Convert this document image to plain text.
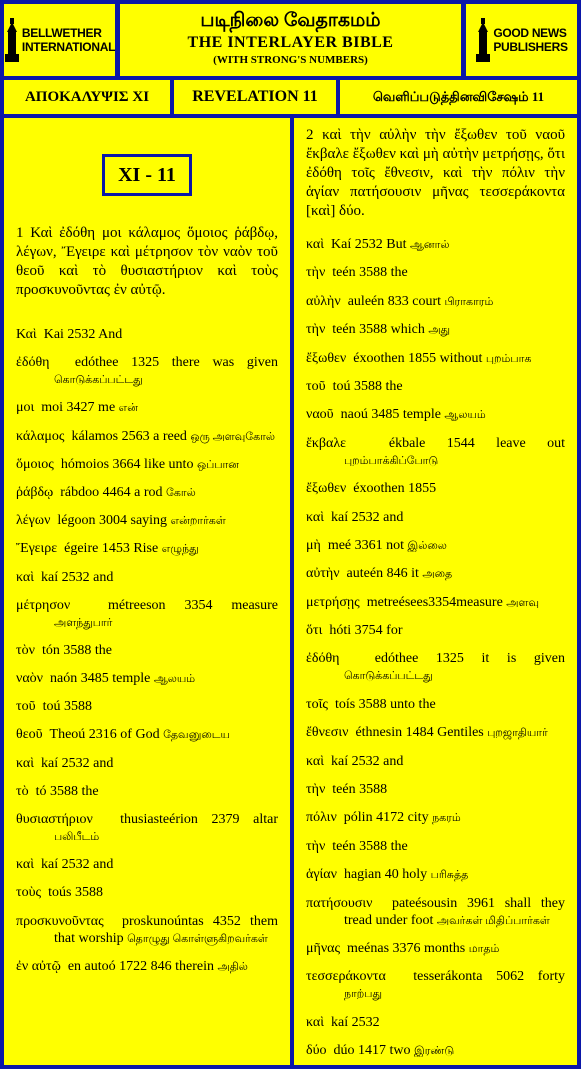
BELLWETHER
INTERNATIONAL
படிநிலை வேதாகமம்
THE INTERLAYER BIBLE
(WITH STRONG'S NUMBERS)
GOOD NEWS
PUBLISHERS
ΑΠΟΚΑΛΥΨΙΣ XI	REVELATION 11	வெளிப்படுத்தினவிசேஷம் 11
XI - 11

1 Καὶ ἐδόθη μοι κάλαμος ὅμοιος ῥάβδῳ, λέγων, Ἔγειρε καὶ μέτρησον τὸν ναὸν τοῦ θεοῦ καὶ τὸ θυσιαστήριον καὶ τοὺς προσκυνοῦντας ἐν αὐτῷ.

Καὶ Kai 2532 And
ἐδόθη edóthee 1325 there was given கொடுக்கப்பட்டது
μοι moi 3427 me என்
κάλαμος kálamos 2563 a reed ஒரு அளவுகோல்
ὅμοιος hómoios 3664 like unto ஒப்பான
ῥάβδῳ rábdoo 4464 a rod கோல்
λέγων légoon 3004 saying என்றார்கள்
Ἔγειρε égeire 1453 Rise எழுந்து
καὶ kaí 2532 and
μέτρησον	métreeson 3354 measure அளந்துபார்
τὸν tón 3588 the
ναὸν naón 3485 temple ஆலயம்
τοῦ toú 3588
θεοῦ Theoú 2316 of God தேவனுடைய
καὶ kaí 2532 and
τὸ tó 3588 the
θυσιαστήριον thusiasteérion 2379 altar பலிபீடம்
καὶ kaí 2532 and
τοὺς toús 3588
προσκυνοῦντας proskunoúntas 4352 them that worship தொழுது கொள்ளுகிறவர்கள்
ἐν αὐτῷ en autoó 1722 846 therein அதில்

2 καὶ τὴν αὐλὴν τὴν ἔξωθεν τοῦ ναοῦ ἔκβαλε ἔξωθεν καὶ μὴ αὐτὴν μετρήσῃς, ὅτι ἐδόθη τοῖς ἔθνεσιν, καὶ τὴν πόλιν τὴν ἁγίαν πατήσουσιν μῆνας τεσσεράκοντα [καὶ] δύο.

καὶ Kaí 2532 But ஆனால்
τὴν teén 3588 the
αὐλὴν auleén 833 court பிராகாரம்
τὴν teén 3588 which அது
ἔξωθεν éxoothen 1855 without புறம்பாக
τοῦ toú 3588 the
ναοῦ naoú 3485 temple ஆலயம்
ἔκβαλε	ékbale 1544 leave out புறம்பாக்கிப்போடு
ἔξωθεν éxoothen 1855
καὶ kaí 2532 and
μὴ meé 3361 not இல்லை
αὐτὴν auteén 846 it அதை
μετρήσῃς metreésees3354measure அளவு
ὅτι hóti 3754 for
ἐδόθη	edóthee 1325 it is given கொடுக்கப்பட்டது
τοῖς toís 3588 unto the
ἔθνεσιν éthnesin 1484 Gentiles புறஜாதியார்
καὶ kaí 2532 and
τὴν teén 3588
πόλιν pólin 4172 city நகரம்
τὴν teén 3588 the
ἁγίαν hagian 40 holy பரிசுத்த
πατήσουσιν pateésousin 3961 shall they tread under foot அவர்கள் மிதிப்பார்கள்
μῆνας meénas 3376 months மாதம்
τεσσεράκοντα tesserákonta 5062 forty நாற்பது
καὶ kaí 2532
δύο dúo 1417 two இரண்டு
